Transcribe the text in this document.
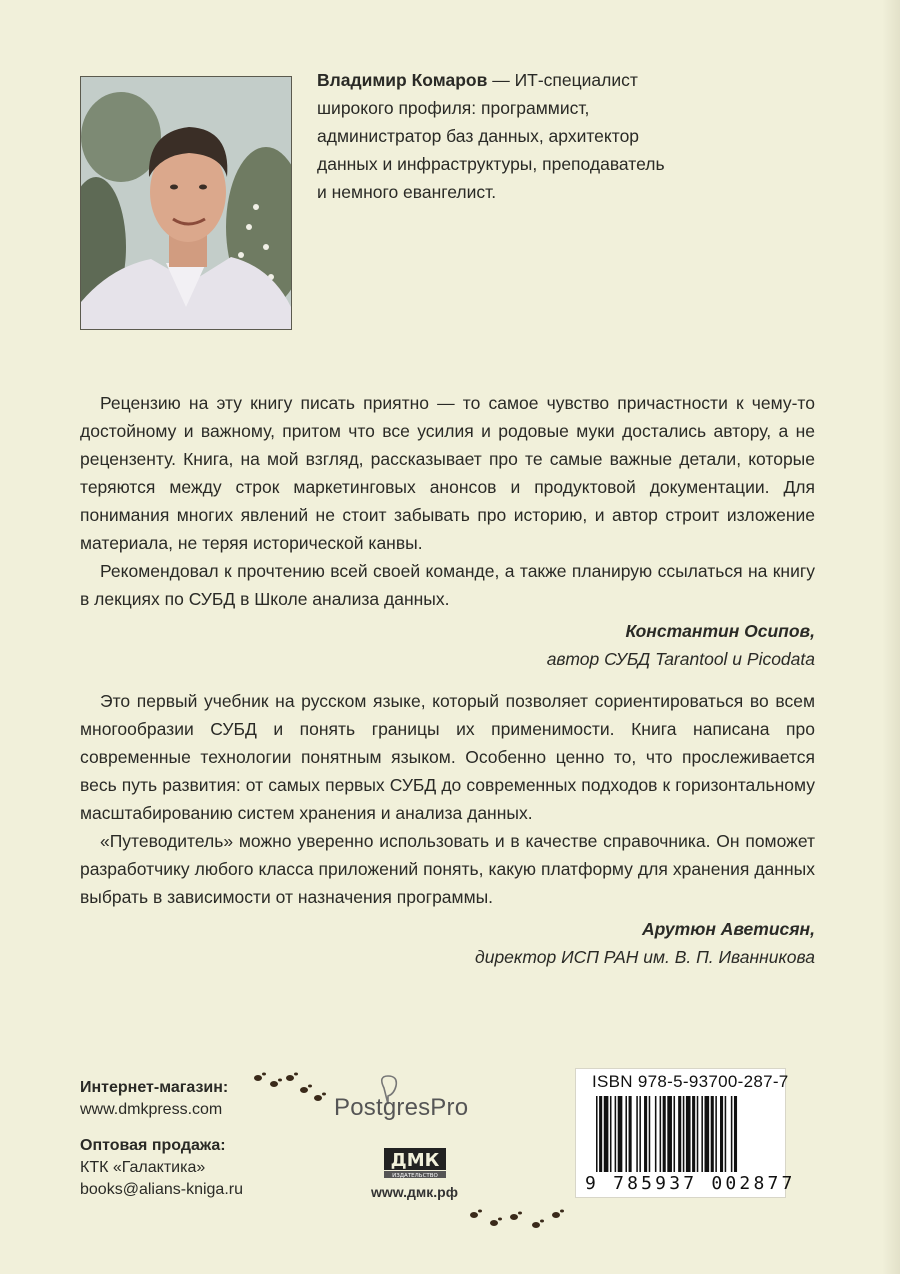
Владимир Комаров — ИТ-специалист
широкого профиля: программист,
администратор баз данных, архитектор
данных и инфраструктуры, преподаватель
и немного евангелист.

Рецензию на эту книгу писать приятно — то самое чувство причастности к чему-то достойному и важному, притом что все усилия и родовые муки достались автору, а не рецензенту. Книга, на мой взгляд, рассказывает про те самые важные детали, которые теряются между строк маркетинговых анонсов и продуктовой документации. Для понимания многих явлений не стоит забывать про историю, и автор строит изложение материала, не теряя исторической канвы.

Рекомендовал к прочтению всей своей команде, а также планирую ссылаться на книгу в лекциях по СУБД в Школе анализа данных.

Константин Осипов,
автор СУБД Tarantool и Picodata

Это первый учебник на русском языке, который позволяет сориентироваться во всем многообразии СУБД и понять границы их применимости. Книга написана про современные технологии понятным языком. Особенно ценно то, что прослеживается весь путь развития: от самых первых СУБД до современных подходов к горизонтальному масштабированию систем хранения и анализа данных.

«Путеводитель» можно уверенно использовать и в качестве справочника. Он поможет разработчику любого класса приложений понять, какую платформу для хранения данных выбрать в зависимости от назначения программы.

Арутюн Аветисян,
директор ИСП РАН им. В. П. Иванникова

Интернет-магазин:
www.dmkpress.com
Оптовая продажа:
КТК «Галактика»
books@alians-kniga.ru
PostgresPro
ДМК
ИЗДАТЕЛЬСТВО
www.дмк.рф
ISBN 978-5-93700-287-7
9 785937 002877
